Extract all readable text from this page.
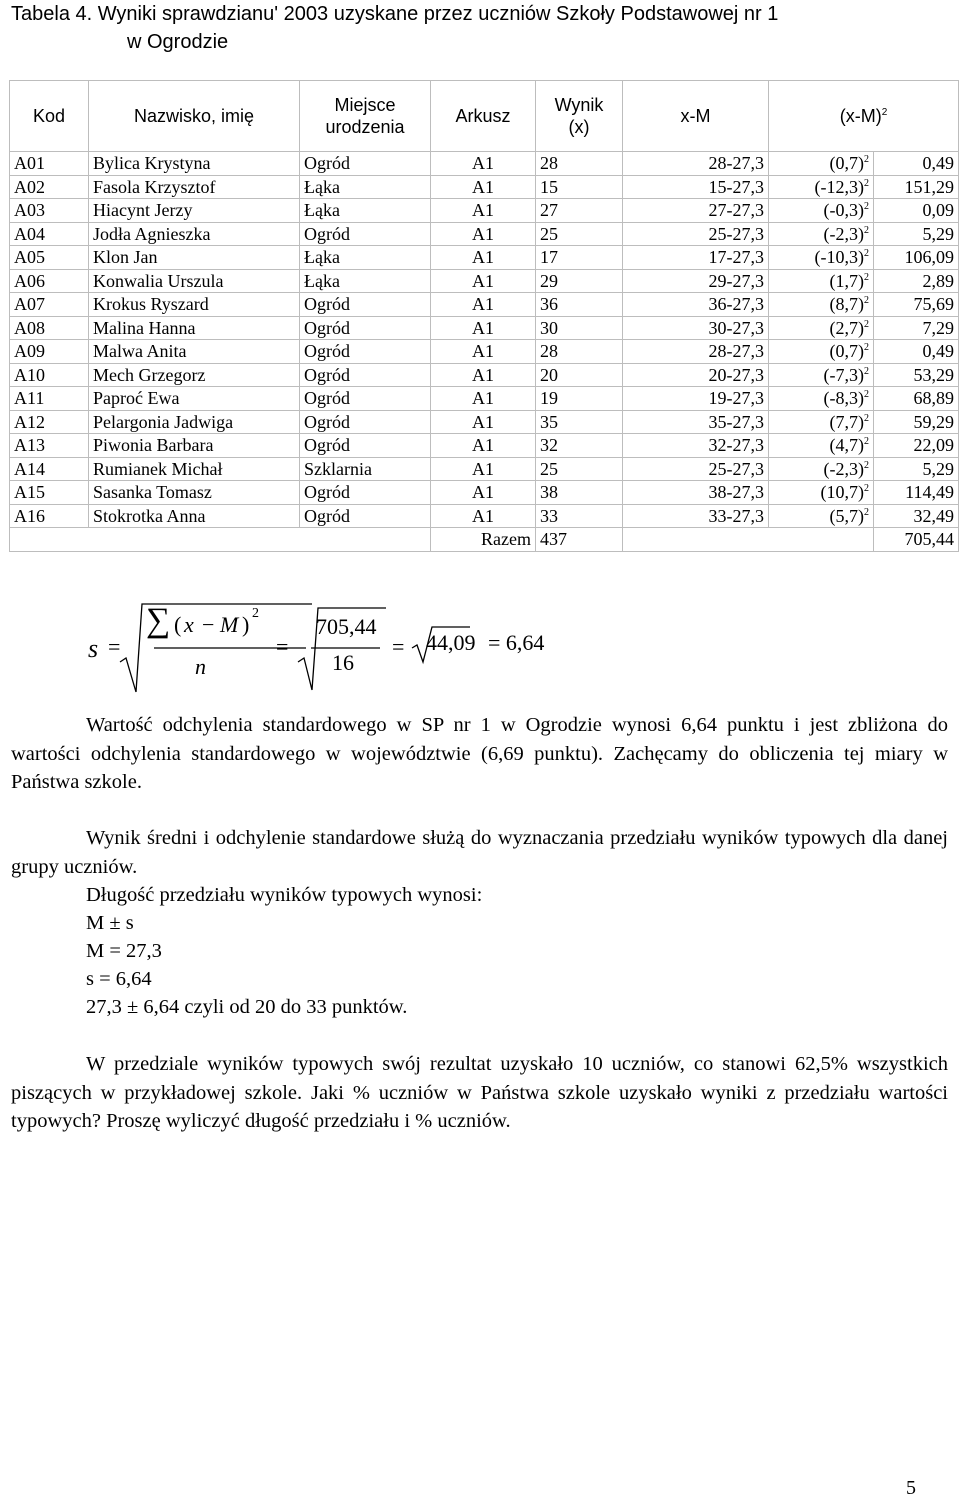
Tabela 4. Wyniki sprawdzianu' 2003 uzyskane przez uczniów Szkoły Podstawowej nr 1
w Ogrodzie
Kod	Nazwisko, imię	Miejsce urodzenia	Arkusz	Wynik (x)	x-M	$(x-M)^2$
A01	Bylica Krystyna	Ogród	A1	28	28-27,3	$(0,7)^2$	0,49
A02	Fasola Krzysztof	Łąka	A1	15	15-27,3	$(-12,3)^2$	151,29
A03	Hiacynt Jerzy	Łąka	A1	27	27-27,3	$(-0,3)^2$	0,09
A04	Jodła Agnieszka	Ogród	A1	25	25-27,3	$(-2,3)^2$	5,29
A05	Klon Jan	Łąka	A1	17	17-27,3	$(-10,3)^2$	106,09
A06	Konwalia Urszula	Łąka	A1	29	29-27,3	$(1,7)^2$	2,89
A07	Krokus Ryszard	Ogród	A1	36	36-27,3	$(8,7)^2$	75,69
A08	Malina Hanna	Ogród	A1	30	30-27,3	$(2,7)^2$	7,29
A09	Malwa Anita	Ogród	A1	28	28-27,3	$(0,7)^2$	0,49
A10	Mech Grzegorz	Ogród	A1	20	20-27,3	$(-7,3)^2$	53,29
A11	Paproć Ewa	Ogród	A1	19	19-27,3	$(-8,3)^2$	68,89
A12	Pelargonia Jadwiga	Ogród	A1	35	35-27,3	$(7,7)^2$	59,29
A13	Piwonia Barbara	Ogród	A1	32	32-27,3	$(4,7)^2$	22,09
A14	Rumianek Michał	Szklarnia	A1	25	25-27,3	$(-2,3)^2$	5,29
A15	Sasanka Tomasz	Ogród	A1	38	38-27,3	$(10,7)^2$	114,49
A16	Stokrotka Anna	Ogród	A1	33	33-27,3	$(5,7)^2$	32,49
			Razem	437			705,44
s =
∑ ( x − M ) 2
n
=
705,44
16
= 44,09 = 6,64

Wartość odchylenia standardowego w SP nr 1 w Ogrodzie wynosi 6,64 punktu i jest zbliżona do wartości odchylenia standardowego w województwie (6,69 punktu). Zachęcamy do obliczenia tej miary w Państwa szkole.

Wynik średni i odchylenie standardowe służą do wyznaczania przedziału wyników typowych dla danej grupy uczniów.

Długość przedziału wyników typowych wynosi:
M ± s
M = 27,3
s = 6,64
27,3 ± 6,64 czyli od 20 do 33 punktów.

W przedziale wyników typowych swój rezultat uzyskało 10 uczniów, co stanowi 62,5% wszystkich piszących w przykładowej szkole. Jaki % uczniów w Państwa szkole uzyskało wyniki z przedziału wartości typowych? Proszę wyliczyć długość przedziału i % uczniów.

5
